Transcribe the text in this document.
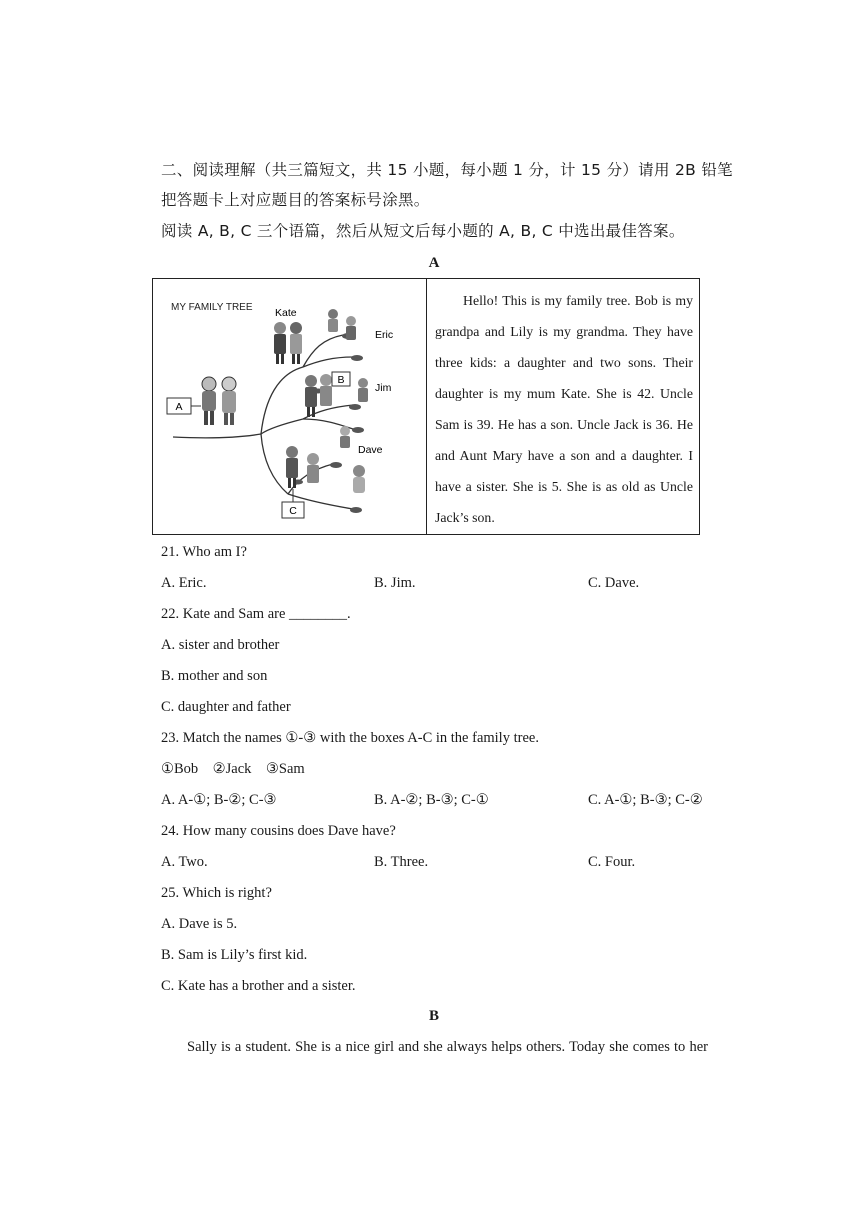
二、阅读理解（共三篇短文，共 15 小题，每小题 1 分，计 15 分）请用 2B 铅笔
把答题卡上对应题目的答案标号涂黑。
阅读 A, B, C 三个语篇，然后从短文后每小题的 A, B, C 中选出最佳答案。
A
MY FAMILY TREE
A
Kate
Eric
B
Jim
Dave
C
Hello! This is my family tree. Bob is my
grandpa and Lily is my grandma. They have
three kids: a daughter and two sons. Their
daughter is my mum Kate. She is 42. Uncle
Sam is 39. He has a son. Uncle Jack is 36. He
and Aunt Mary have a son and a daughter. I
have a sister. She is 5. She is as old as Uncle
Jack’s son.
21. Who am I?
A. Eric.	B. Jim.	C. Dave.
22. Kate and Sam are ________.
A. sister and brother
B. mother and son
C. daughter and father
23. Match the names ①-③ with the boxes A-C in the family tree.
①Bob    ②Jack    ③Sam
A. A-①; B-②; C-③	B. A-②; B-③; C-①	C. A-①; B-③; C-②
24. How many cousins does Dave have?
A. Two.	B. Three.	C. Four.
25. Which is right?
A. Dave is 5.
B. Sam is Lily’s first kid.
C. Kate has a brother and a sister.
B
Sally is a student. She is a nice girl and she always helps others. Today she comes to her
